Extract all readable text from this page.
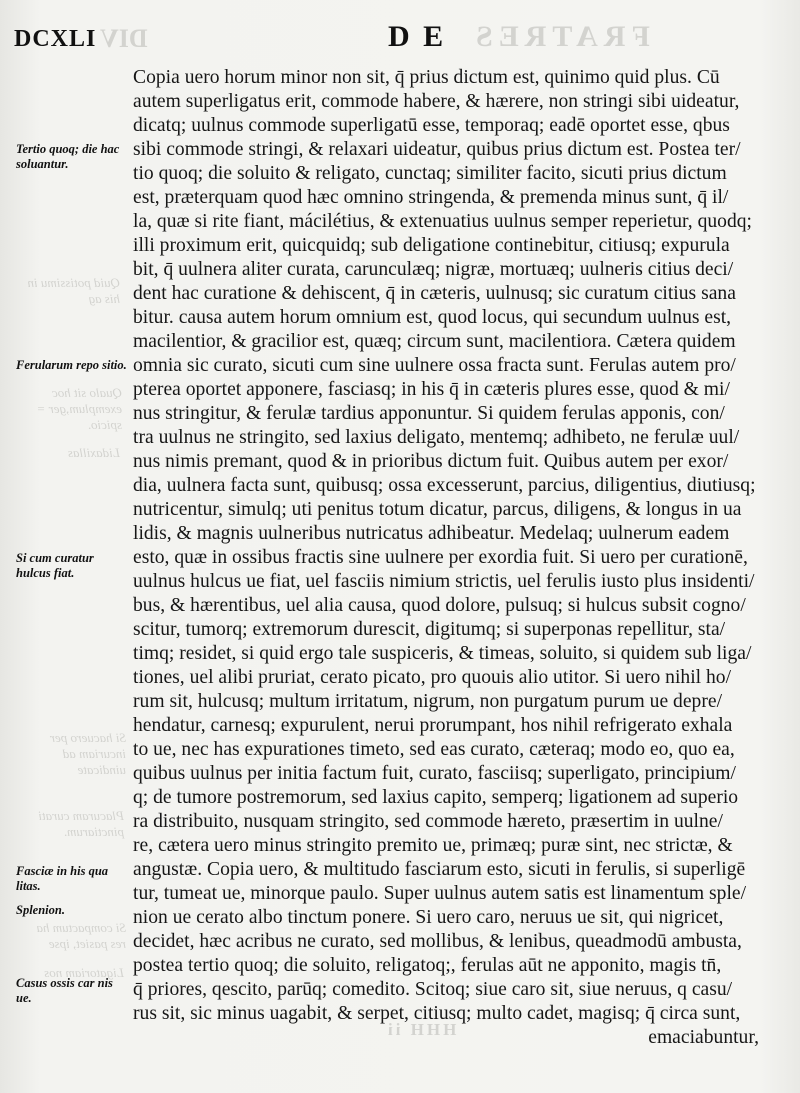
DIV	FRATRES
HHH ii
Quid potissimu in his ag
Qualo sit hoc exemplum,ger = spicio.
Lidaxillas
Si hacuero per incuriam ad uindicate
Placuram curati pinctiarum.
Si compactum ha res pasiet, ipse
Ligatoriam nos
DCXLI	D E
Tertio quoq; die hac soluantur.
Ferularum repo sitio.
Si cum curatur hulcus fiat.
Fasciæ in his qua litas.
Splenion.
Casus ossis car nis ue.
Copia uero horum minor non sit, q̄ prius dictum est, quinimo quid plus. Cū
autem superligatus erit, commode habere, & hærere, non stringi sibi uideatur,
dicatq; uulnus commode superligatū esse, temporaq; eadē oportet esse, qbus
sibi commode stringi, & relaxari uideatur, quibus prius dictum est. Postea ter/
tio quoq; die soluito & religato, cunctaq; similiter facito, sicuti prius dictum
est, præterquam quod hæc omnino stringenda, & premenda minus sunt, q̄ il/
la, quæ si rite fiant, mácilétius, & extenuatius uulnus semper reperietur, quodq;
illi proximum erit, quicquidq; sub deligatione continebitur, citiusq; expurula
bit, q̄ uulnera aliter curata, carunculæq; nigræ, mortuæq; uulneris citius deci/
dent hac curatione & dehiscent, q̄ in cæteris, uulnusq; sic curatum citius sana
bitur. causa autem horum omnium est, quod locus, qui secundum uulnus est,
macilentior, & gracilior est, quæq; circum sunt, macilentiora. Cætera quidem
omnia sic curato, sicuti cum sine uulnere ossa fracta sunt. Ferulas autem pro/
pterea oportet apponere, fasciasq; in his q̄ in cæteris plures esse, quod & mi/
nus stringitur, & ferulæ tardius apponuntur. Si quidem ferulas apponis, con/
tra uulnus ne stringito, sed laxius deligato, mentemq; adhibeto, ne ferulæ uul/
nus nimis premant, quod & in prioribus dictum fuit. Quibus autem per exor/
dia, uulnera facta sunt, quibusq; ossa excesserunt, parcius, diligentius, diutiusq;
nutricentur, simulq; uti penitus totum dicatur, parcus, diligens, & longus in ua
lidis, & magnis uulneribus nutricatus adhibeatur. Medelaq; uulnerum eadem
esto, quæ in ossibus fractis sine uulnere per exordia fuit. Si uero per curationē,
uulnus hulcus ue fiat, uel fasciis nimium strictis, uel ferulis iusto plus insidenti/
bus, & hærentibus, uel alia causa, quod dolore, pulsuq; si hulcus subsit cogno/
scitur, tumorq; extremorum durescit, digitumq; si superponas repellitur, sta/
timq; residet, si quid ergo tale suspiceris, & timeas, soluito, si quidem sub liga/
tiones, uel alibi pruriat, cerato picato, pro quouis alio utitor. Si uero nihil ho/
rum sit, hulcusq; multum irritatum, nigrum, non purgatum purum ue depre/
hendatur, carnesq; expurulent, nerui prorumpant, hos nihil refrigerato exhala
to ue, nec has expurationes timeto, sed eas curato, cæteraq; modo eo, quo ea,
quibus uulnus per initia factum fuit, curato, fasciisq; superligato, principium/
q; de tumore postremorum, sed laxius capito, semperq; ligationem ad superio
ra distribuito, nusquam stringito, sed commode hæreto, præsertim in uulne/
re, cætera uero minus stringito premito ue, primæq; puræ sint, nec strictæ, &
angustæ. Copia uero, & multitudo fasciarum esto, sicuti in ferulis, si superligē
tur, tumeat ue, minorque paulo. Super uulnus autem satis est linamentum sple/
nion ue cerato albo tinctum ponere. Si uero caro, neruus ue sit, qui nigricet,
decidet, hæc acribus ne curato, sed mollibus, & lenibus, queadmodū ambusta,
postea tertio quoq; die soluito, religatoq;, ferulas aūt ne apponito, magis tn̄,
q̄ priores, qescito, parūq; comedito. Scitoq; siue caro sit, siue neruus, q casu/
rus sit, sic minus uagabit, & serpet, citiusq; multo cadet, magisq; q̄ circa sunt,
emaciabuntur,
